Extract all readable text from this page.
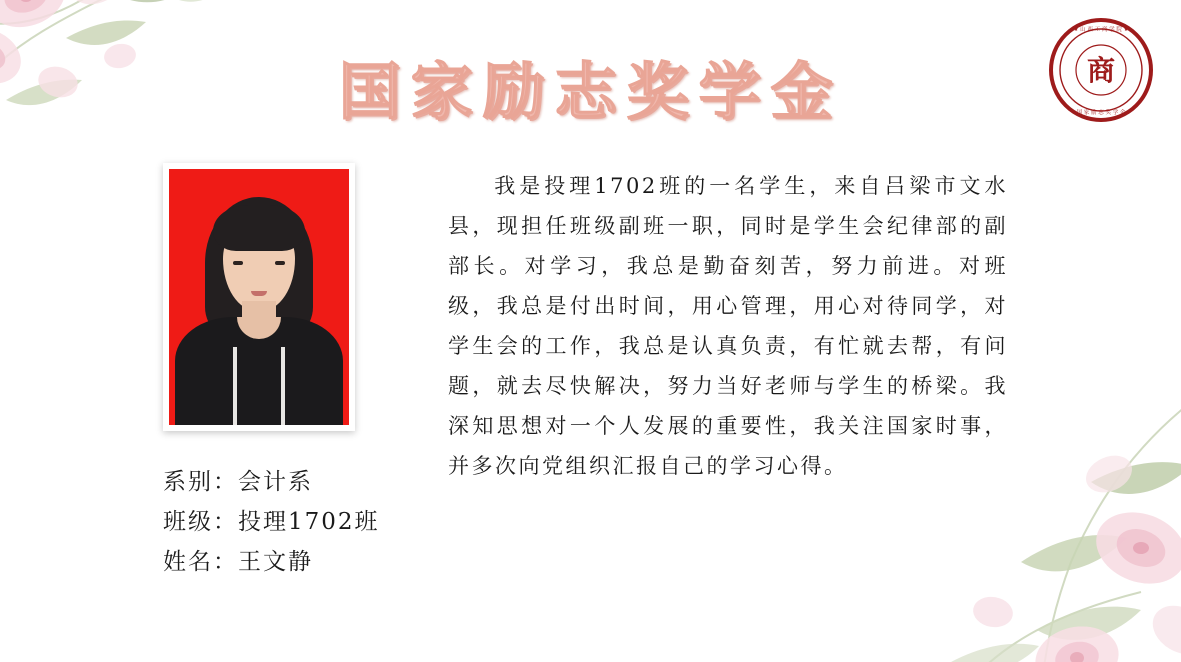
商
★ 山 西 工 商 学 院 ★
国 家 励 志 奖 学 金
国家励志奖学金
系别：会计系
班级：投理1702班
姓名：王文静
我是投理1702班的一名学生，来自吕梁市文水县，现担任班级副班一职，同时是学生会纪律部的副部长。对学习，我总是勤奋刻苦，努力前进。对班级，我总是付出时间，用心管理，用心对待同学，对学生会的工作，我总是认真负责，有忙就去帮，有问题，就去尽快解决，努力当好老师与学生的桥梁。我深知思想对一个人发展的重要性，我关注国家时事，并多次向党组织汇报自己的学习心得。
